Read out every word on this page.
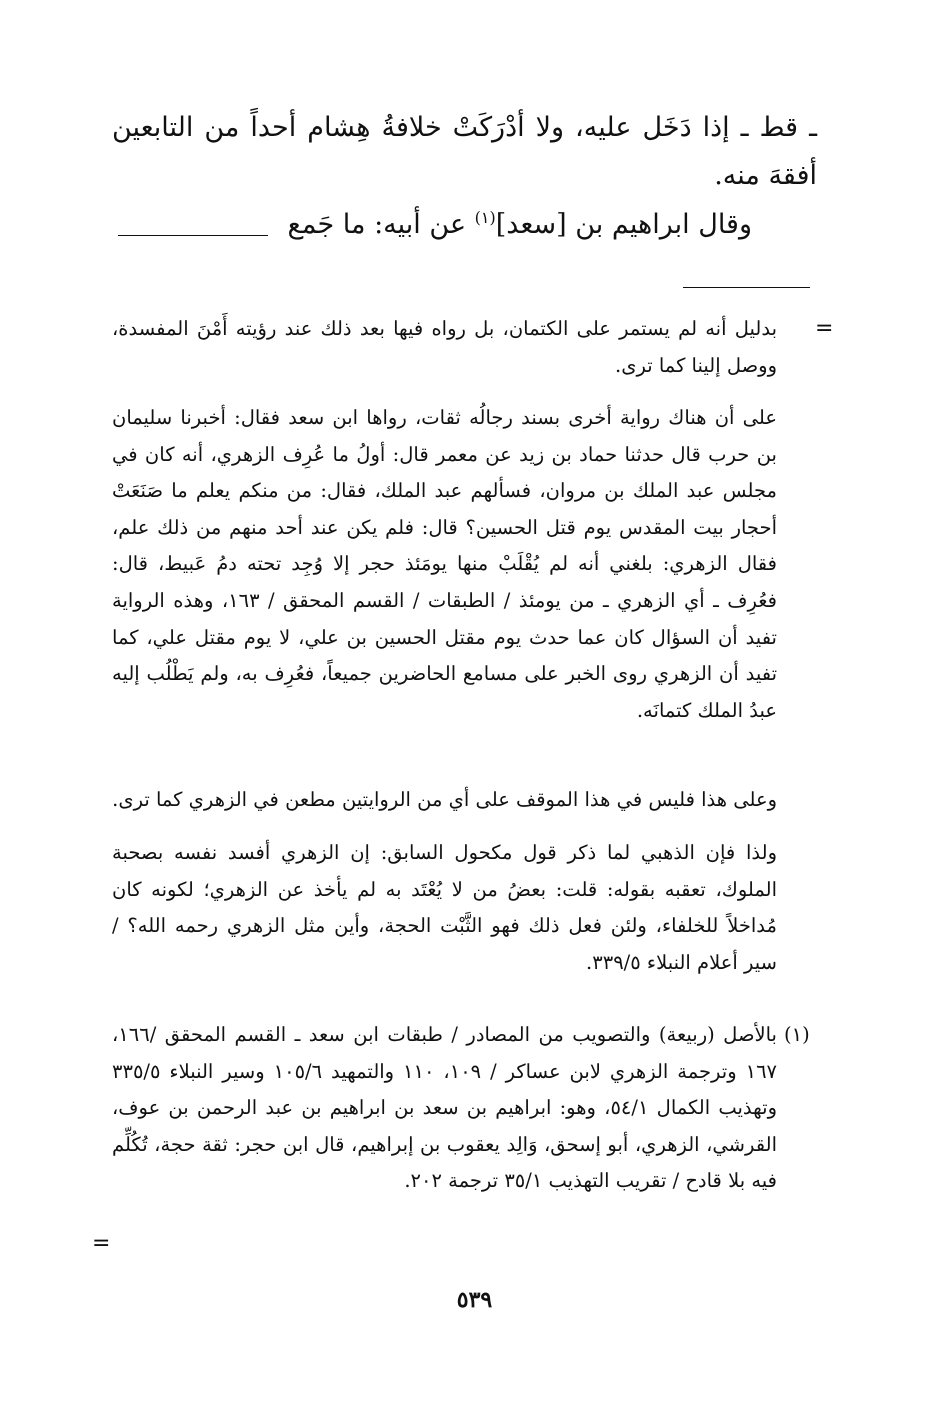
ـ قط ـ إذا دَخَل عليه، ولا أدْرَكَتْ خلافةُ هِشام أحداً من التابعين أفقهَ منه.
وقال ابراهيم بن [سعد]$^{(١)}$ عن أبيه: ما جَمع
=
بدليل أنه لم يستمر على الكتمان، بل رواه فيها بعد ذلك عند رؤيته أَمْنَ المفسدة، ووصل إلينا كما ترى.
على أن هناك رواية أخرى بسند رجالُه ثقات، رواها ابن سعد فقال: أخبرنا سليمان بن حرب قال حدثنا حماد بن زيد عن معمر قال: أولُ ما عُرِف الزهري، أنه كان في مجلس عبد الملك بن مروان، فسألهم عبد الملك، فقال: من منكم يعلم ما صَنَعَتْ أحجار بيت المقدس يوم قتل الحسين؟ قال: فلم يكن عند أحد منهم من ذلك علم، فقال الزهري: بلغني أنه لم يُقْلَبْ منها يومَئذ حجر إلا وُجِد تحته دمُ عَبيط، قال: فعُرِف ـ أي الزهري ـ من يومئذ / الطبقات / القسم المحقق / ١٦٣، وهذه الرواية تفيد أن السؤال كان عما حدث يوم مقتل الحسين بن علي، لا يوم مقتل علي، كما تفيد أن الزهري روى الخبر على مسامع الحاضرين جميعاً، فعُرِف به، ولم يَطْلُب إليه عبدُ الملك كتمانَه.
وعلى هذا فليس في هذا الموقف على أي من الروايتين مطعن في الزهري كما ترى.
ولذا فإن الذهبي لما ذكر قول مكحول السابق: إن الزهري أفسد نفسه بصحبة الملوك، تعقبه بقوله: قلت: بعضُ من لا يُعْتَد به لم يأخذ عن الزهري؛ لكونه كان مُداخلاً للخلفاء، ولئن فعل ذلك فهو الثَّبْت الحجة، وأين مثل الزهري رحمه الله؟ / سير أعلام النبلاء ٣٣٩/٥.
(١)
بالأصل (ربيعة) والتصويب من المصادر / طبقات ابن سعد ـ القسم المحقق /١٦٦، ١٦٧ وترجمة الزهري لابن عساكر / ١٠٩، ١١٠ والتمهيد ١٠٥/٦ وسير النبلاء ٣٣٥/٥ وتهذيب الكمال ٥٤/١، وهو: ابراهيم بن سعد بن ابراهيم بن عبد الرحمن بن عوف، القرشي، الزهري، أبو إسحق، وَالِد يعقوب بن إبراهيم، قال ابن حجر: ثقة حجة، تُكُلِّم فيه بلا قادح / تقريب التهذيب ٣٥/١ ترجمة ٢٠٢.
=
٥٣٩
